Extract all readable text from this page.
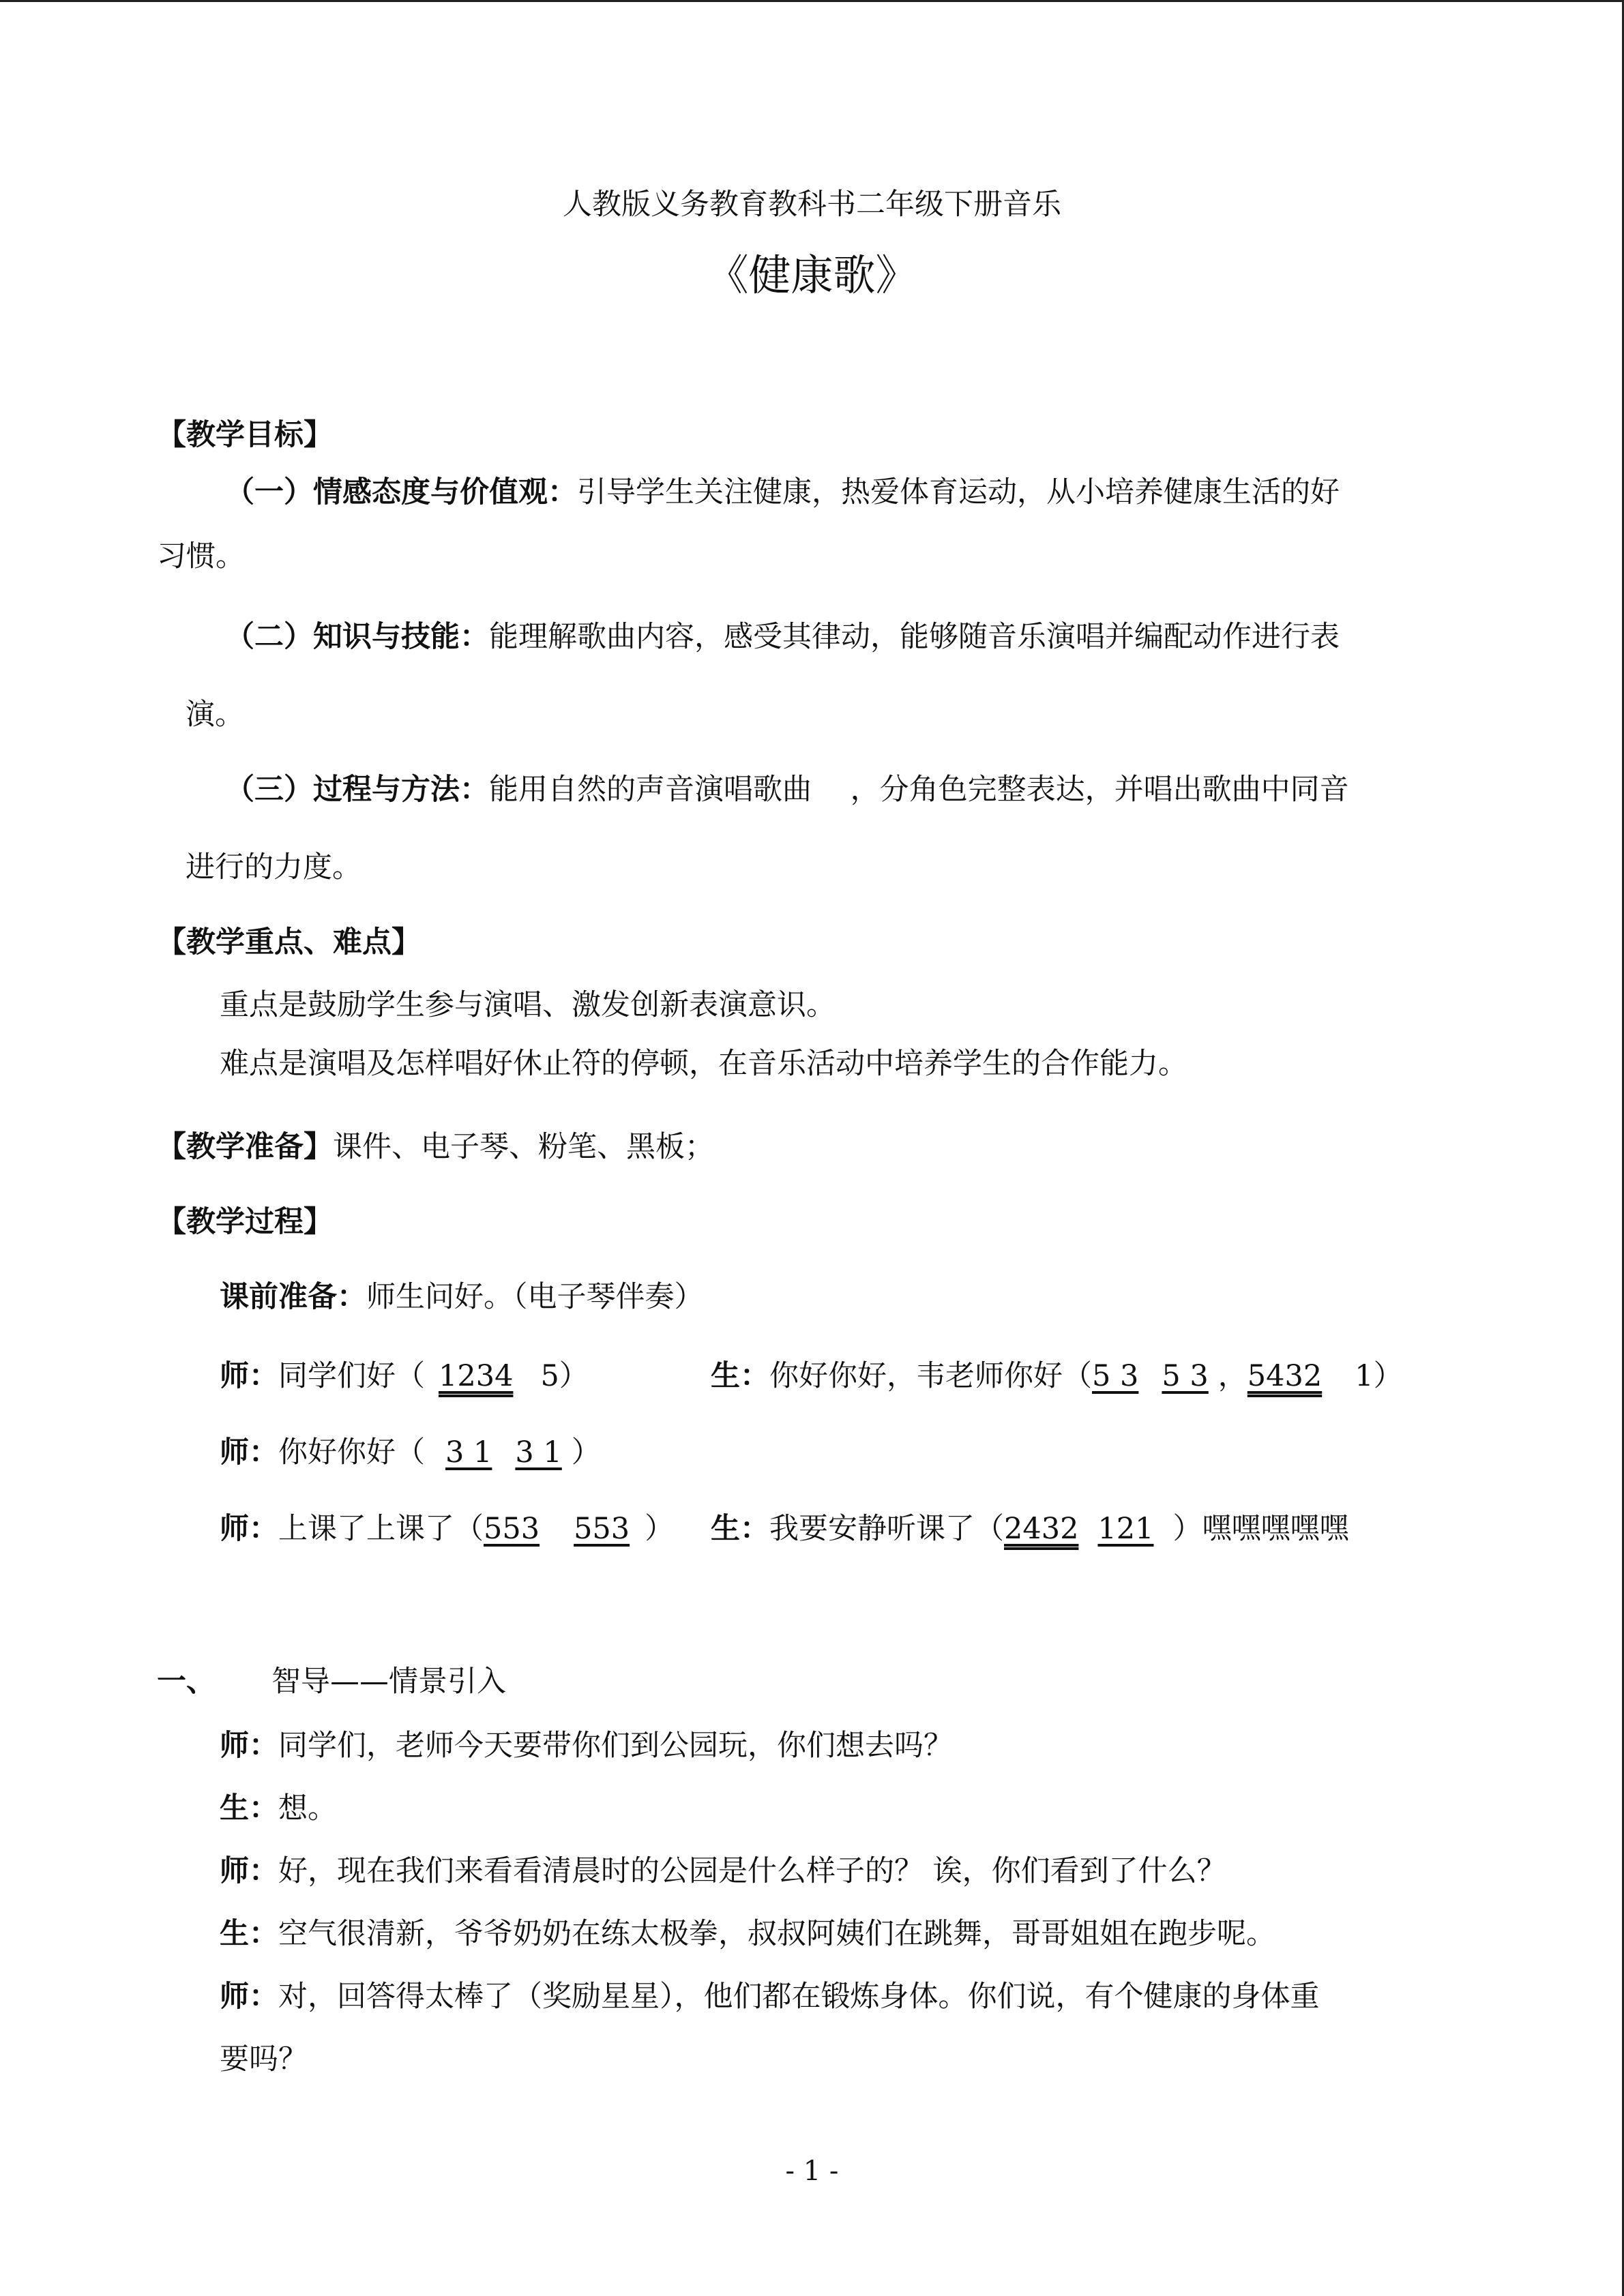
人教版义务教育教科书二年级下册音乐
《健康歌》
【教学目标】
（一）情感态度与价值观：引导学生关注健康，热爱体育运动，从小培养健康生活的好
习惯。
（二）知识与技能：能理解歌曲内容，感受其律动，能够随音乐演唱并编配动作进行表
演。
（三）过程与方法：能用自然的声音演唱歌曲　 ，分角色完整表达，并唱出歌曲中同音
进行的力度。
【教学重点、难点】
重点是鼓励学生参与演唱、激发创新表演意识。
难点是演唱及怎样唱好休止符的停顿，在音乐活动中培养学生的合作能力。
【教学准备】课件、电子琴、粉笔、黑板；
【教学过程】
课前准备：师生问好。（电子琴伴奏）
师：同学们好（ 1234 5）	生：你好你好，韦老师你好（5 3 5 3 ，5432 1）
师：你好你好（ 3 1 3 1 ）
师：上课了上课了（553 553 ） 生：我要安静听课了（2432 121 ）嘿嘿嘿嘿嘿
一、 智导——情景引入
师：同学们，老师今天要带你们到公园玩，你们想去吗？
生：想。
师：好，现在我们来看看清晨时的公园是什么样子的？ 诶，你们看到了什么？
生：空气很清新，爷爷奶奶在练太极拳，叔叔阿姨们在跳舞，哥哥姐姐在跑步呢。
师：对，回答得太棒了（奖励星星），他们都在锻炼身体。你们说，有个健康的身体重
要吗？
- 1 -
